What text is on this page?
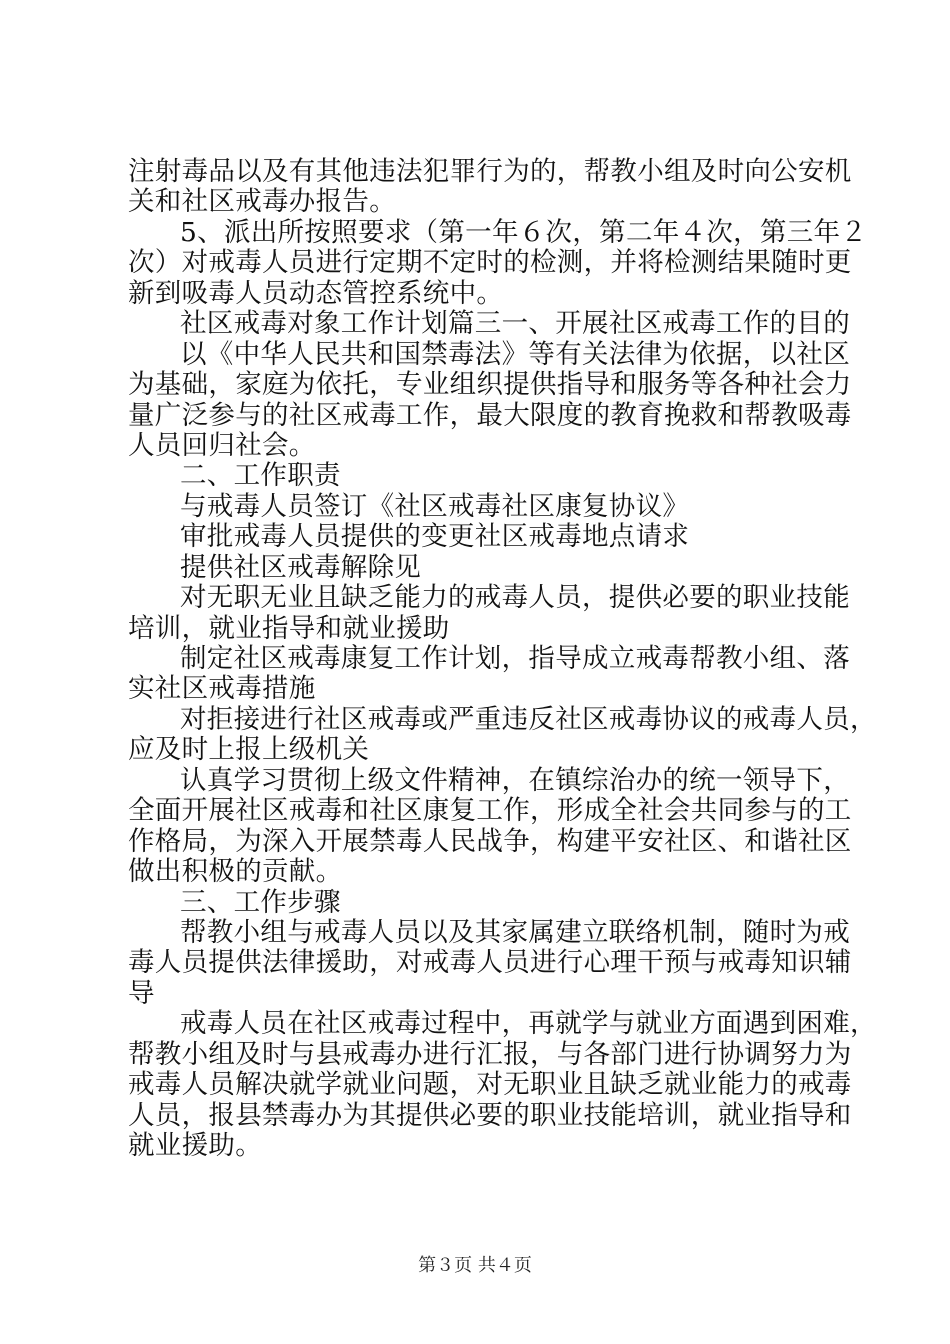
注射毒品以及有其他违法犯罪行为的，帮教小组及时向公安机
关和社区戒毒办报告。
5、派出所按照要求（第一年６次，第二年４次，第三年２
次）对戒毒人员进行定期不定时的检测，并将检测结果随时更
新到吸毒人员动态管控系统中。
社区戒毒对象工作计划篇三一、开展社区戒毒工作的目的
以《中华人民共和国禁毒法》等有关法律为依据，以社区
为基础，家庭为依托，专业组织提供指导和服务等各种社会力
量广泛参与的社区戒毒工作，最大限度的教育挽救和帮教吸毒
人员回归社会。
二、工作职责
与戒毒人员签订《社区戒毒社区康复协议》
审批戒毒人员提供的变更社区戒毒地点请求
提供社区戒毒解除见
对无职无业且缺乏能力的戒毒人员，提供必要的职业技能
培训，就业指导和就业援助
制定社区戒毒康复工作计划，指导成立戒毒帮教小组、落
实社区戒毒措施
对拒接进行社区戒毒或严重违反社区戒毒协议的戒毒人员，
应及时上报上级机关
认真学习贯彻上级文件精神，在镇综治办的统一领导下，
全面开展社区戒毒和社区康复工作，形成全社会共同参与的工
作格局，为深入开展禁毒人民战争，构建平安社区、和谐社区
做出积极的贡献。
三、工作步骤
帮教小组与戒毒人员以及其家属建立联络机制，随时为戒
毒人员提供法律援助，对戒毒人员进行心理干预与戒毒知识辅
导
戒毒人员在社区戒毒过程中，再就学与就业方面遇到困难，
帮教小组及时与县戒毒办进行汇报，与各部门进行协调努力为
戒毒人员解决就学就业问题，对无职业且缺乏就业能力的戒毒
人员，报县禁毒办为其提供必要的职业技能培训，就业指导和
就业援助。
第３页 共４页
